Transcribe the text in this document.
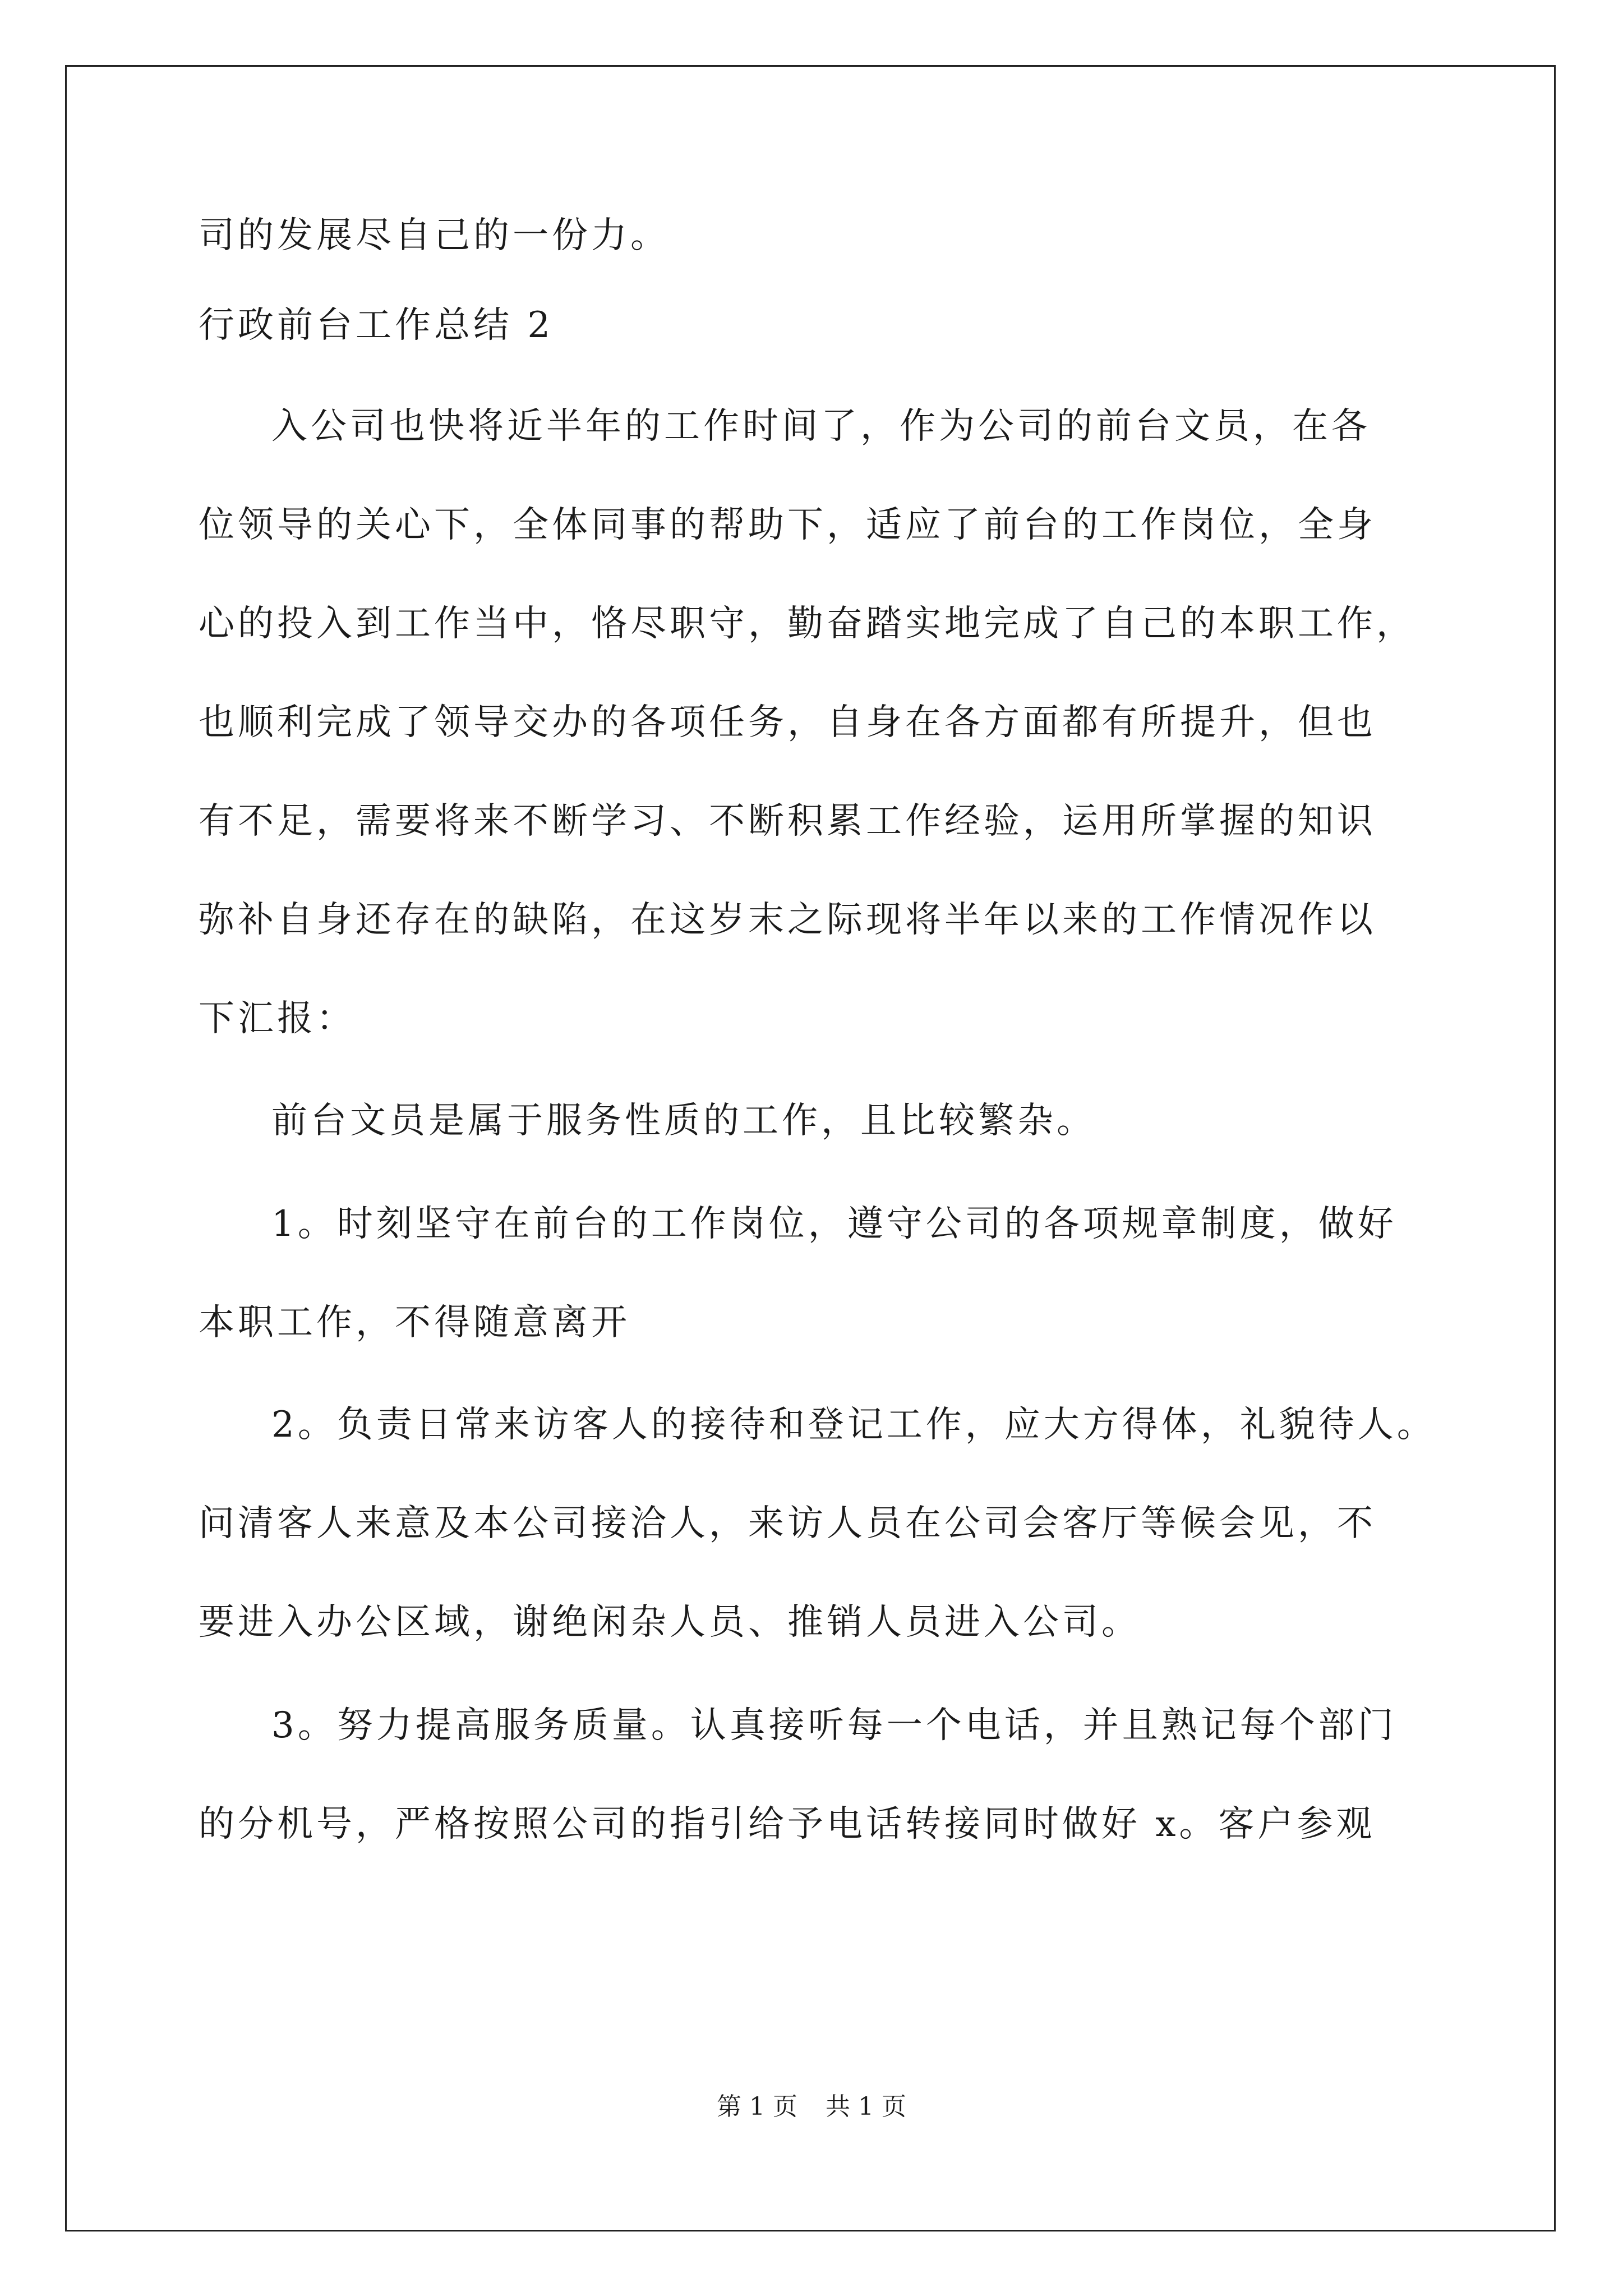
司的发展尽自己的一份力。
行政前台工作总结 2
入公司也快将近半年的工作时间了，作为公司的前台文员，在各
位领导的关心下，全体同事的帮助下，适应了前台的工作岗位，全身
心的投入到工作当中，恪尽职守，勤奋踏实地完成了自己的本职工作，
也顺利完成了领导交办的各项任务，自身在各方面都有所提升，但也
有不足，需要将来不断学习、不断积累工作经验，运用所掌握的知识
弥补自身还存在的缺陷，在这岁末之际现将半年以来的工作情况作以
下汇报：
前台文员是属于服务性质的工作，且比较繁杂。
1。时刻坚守在前台的工作岗位，遵守公司的各项规章制度，做好
本职工作，不得随意离开
2。负责日常来访客人的接待和登记工作，应大方得体，礼貌待人。
问清客人来意及本公司接洽人，来访人员在公司会客厅等候会见，不
要进入办公区域，谢绝闲杂人员、推销人员进入公司。
3。努力提高服务质量。认真接听每一个电话，并且熟记每个部门
的分机号，严格按照公司的指引给予电话转接同时做好 x。客户参观
第 1 页 共 1 页
